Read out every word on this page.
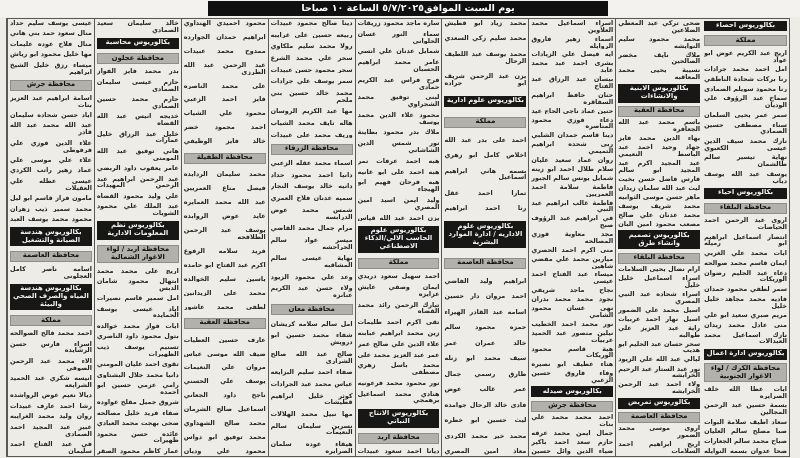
يوم السبت الموافق٥/٧/٢٠٢٥ الساعة ١٠ صباحا
بكالوريوس احصاء
مملكة
اريج عبد الكريم عوض ابو عواد
امل احمد محمد جرادات
رنا بركات شحادة الناطقي
رنا محمود سويلم الصمادي
سماح عبد الرؤوف علي الوديان
سمر عمر يحيى السلمان
سناء مصطفى حسين الصمادي
نازك محمد سيف الدين عيسى الكعبوي
نهاية تيسير سالم طالشمان
يوسف عبد الله يوسف دياب
بكالوريوس احياء
محافظة البلقاء
اروى عبد الرحمن احمد الحياصات
انتصار اسماعيل ابراهيم ابو رميله
ايات محمد علي الغربي
ايمان قاسم محمد صوالحه
دعاء عبد الحليم رضوان الوريكات
سمر لطفي محمود حمدان
فاديه محمد مجاهد خليل خليل
مريم صبري سعيد ابو علي
منى عادل محمد زيدان
نازك اسماعيل محمد العبدالات
بكالوريوس ادارة اعمال
محافظة الكرك / لواء الاغوار الجنوبية
ايات عطا الله خلف الصرايره
بسمة حسين عبد الرحمن المجالين
سعاد اطيف سلامة البوات
صبا مصلح سالم العليان
صباح محمد سالم الجعارات
ضحا عدوان بسمه النوايله
ضحى تركي عبد المعطي الضلاعين
محمد محمود سليم النوايشه
ملاك نايف مخضر الصالحين
نسيبة يحيى محمد المعاقبه
بكالوريوس الابنية والانشاءات
محافظة العقبة
باسم محمد عبد الله الجعافره
بهاء الدين محمد فايز
جهاد وحيد احمد عبد الباسط النعيمي
عبد المجيد اكرم عبد المجيد ابو سالم
فارس فاضل حسن بخيت
ليث عبد الله سلمان زيدان
ماهر حسن موسى الثوابيه
محمد شريف يوسف
محمد عدنان علي صالح
مصعب محمود امين البان
بكالوريوس تصميم وانشاء طرق
محافظة البلقاء
ارام نضال يحيى السلامات
اسراء اسماعيل خليل خليل
اسراء شحاده عبد النبي المصري
اسيل محمد علي الضمور
اسيل نهار احمد عربيات
راية عبد العزيز علي طوالبه
سحر حسان عبد الحليم ابو هديب
ليالي عبد الله علي الزيود
نور عبد الستار عبد الرحيم الخرابشه
ولاء احمد عبد الرحمن الخرابشه
بكالوريوس تمريض
محافظة العاصمة
اروى موسى محمد الضمور
اريج ابراهيم احمد السلامات
اسراء اسماعيل محمد العلاوين
اسماء زهير فاروق الروايله
ايه فيصل علي الزيادات
بشرى احمد عبد محمد عابد
بيسان عبد الرزاق عبد الفتاح
حنان حافظ ابراهيم السفاقره
حنين عماد ناجي الحاج عيد
دعاء فوزي محمود المناصره
دينا قاسم حمدان الشلبي
ربى شحده ابراهيم التميمي
روان عماد سعيد عليان
سلام طلال احمد ابو زينه
شمايل يونس سالم الجبور
فاطمة سلامة احمد العمريين
فاطمة غالب ابراهيم عبد النبي
في ابراهيم عبد الرؤوف صبح
مجد معاوية فوزي المصالحه
منى اكرم احمد الحصري
ميارين محمد علي مفضي شاهين
ميساء عبد الفتاح احمد عيسى
نجاح ماجد شريفي
نجود محمد محمد بدران
نهى غسان محمود الشامي
نور محمد احمد الخطيب
نيلين منصور عبد الحميد عربيات
هبة قاسم محمود الوريكات
هناء عطيف ابو نصيره
وفاء فاروق حسين الزعبي
بكالوريوس صيدله
محافظة جرش
احمد محمد محمد علي بنات
جمال ايمن محمد عرفه
حازم سعد احمد باكير
ضياء الدين وائل حسين
محمد زياد ابو قطيش
محمد سليم زكي السعدي
محمد يوسف عبد اللطيف الرحال
يزن عبد الرحمن شريف ابو جراده
بكالوريوس علوم ادارية
مملكة
احمد علي بدر عبد الله
اخلاص كامل ابو زهري
بسمه هاني ابراهيم اسماعيل
تمارا احمد عقل
رنا احمد ابراهيم
بكالوريوس علوم الاداريه / ادارة الموارد البشرية
محافظة العاصمة
ابراهيم وليد الفاضي
احمد مروان دار حسين
اسامه عبد القادر الهيراء
حمزه محمود سالم
خالد عمران عمر
سيف محمد ابو زنله
طارق رسمي جمال
عمر غالب عوض
فادي خالد الرحال جوامده
ليث حسين ابو خطره
محمد خير محمد الكردي
معاذ امين المصري
ساره ماجد محمود زريقات
سماء النور غسان الحلواني
شمايل عدنان علي انسي
عامر محمد ابراهيم الحسبان
فرح فراس عبد الكريم حمادي
لبنى توفيق محمد الشجراوي
محمود علاء الدين محمد يوسف
ملاك بدر محمود بطاينة
نور شمس الدين الشاشاني
هبه احمد عرفات نمر
هبه احمد علي ابو غانيه
هبه فرحان فهيم ابو الهيجاء
وليد ايمن اسيد امين المصري
يزن احمد عبد الله قياس
بكالوريوس علوم الحاسب الالي/الذكاء الاصطناعي
مملكة
احمد سهيل سعود دريدي
ايمان وصفي عايش عزايزه
تبارك الرحمن رائد محمد القضاه
تقى اكرم احمد طليمات
زين محمد ابراهيم عبابنه
علاء الدين علي صالح عمر
عمر عبد العزيز محمد علي
محمد باسل زهري مصطفى
نور محمود محمد فرعونيه
هنادي محمد اسماعيل برهمجي
بكالوريوس الانتاج النباتي
محافظة اربد
ديانا احمد سعود عبيدات
دينا صالح محمود عبيدات
ربيعه حسين علي غرايبه
رولا محمد سليم ملكاوي
سحر علي محمد الشرع
سحر محمود حسن عبيدات
سمر يوسف علي جرادات
محمد خالد حسين بني ملحم
مها عبد الكريم الروسان
هاله نايف محمد الشياب
وريف محمد علي عبيدات
محافظة الزرقاء
اسماء محمد عقله الزعبي
دانيا احمد محمود حداد
دانيه خالد يوسف النجار
سميه عدنان فلاح العمري
شمس محمد عوض الدرابسه
مرام جمال محمد القاضي
ميسر عواد سالم الحراحشه
نهاية عيسى سالم المشاقبه
وعد علي محمود الزيود
ولاء حسن عبد الكريم عنانزه
محافظة معان
امل سالم سلامه كريشان
شفاء محمد حسين ابو درويش
صالح عبد الله صالح الشراري
صفاء احمد سليم البزايعه
عباس محمد عبد الجرادات
كوثر خليل ابراهيم قطيشات
مها نبيل محمد الهلالات
نسرين سليمان سالم النعيمات
هيفاء عوده سلمان الصرايره
محمود احميدي الهنداوي
ابراهيم حمدان الجوارده
ممدوح محمد عبيدات
عبد الرحمن عبد الله الطرزي
علي محمد الناصره
فايز احمد الزعبي
محمود علي الشياب
احمد محمود خضر
خالد فايز الوظيفي
محافظة الطفيلة
محمد سليمان الردايده
فيصل مناع العمريين
عبد الله محمد العمايره
عايد عوض الروابده
يوسف عبد الرحمن الطلافحه
فريد سلامه الرفوع
اكرم عبد الفتاح ابو حامده
ياسين سليم الخوالده
محمد علي الزيدانين
لطفي محمد عاشور
محافظة العقبة
عارف حسين العطيات
ضيف الله موسى عباس
مروان علي النعيمات
يوسف علي الحسني
ناجح داود الجعاني
اسماعيل صالح الشرمان
محمد صالح الشهداوي
محمد توفيق ابو دواس
محمود علي وديان
خالد سليمان سعيد الصمادي
بكالوريوس محاسبة
محافظة عجلون
بدر محمد فايز الفواز
حازم عيسى سليمان الصمادي
حازم محمد حسين الصمادي
خديجه انيس عبد الله القضاه
خليل عبد الرزاق خليل عمارات
هاني توفيق عبد الله المومني
عامر يعقوب داود الربضي
عبد الرحمن ابراهيم عبد الرحمن المهيدات
علي وليد محمود القضاه
عبد الملك علي محمود الشويات
بكالوريوس نظم المعلومات الادارية
محافظة اربد / لواء الاغوار الشمالية
اريج علي محمد محمد
ابتهال محمود شامان الدبس
امل سمير قاسم نصيرات
اياد عيسى يوسف الحمايده
ايات فواز محمد خوالده
بتول محمود داود الناصري
تسنيم يوسف ذيب الظهيرات
تقوى احمد عليان المومني
دانيا محمد جلال البشتاوي
رامي عزمي حسين ابو احمده
شروق جميل مفلح عواوده
صفاء فريد خليل مصالحه
ضحى بهجت محمد العبادي
عائده حسن محمود ظهيرات
عمار كاظم محمود الصقر
عيسى يوسف سليم حداد
منال سعود حمد بني هاني
منال فلاح عوده عليمات
مها خليل محمود ابو رياش
ميساء رزق خليل الشيخ ابراهيم
محافظة جرش
اسامة ابراهيم عبد العزيز بنات
اياد حسن شحاده سليمان
عبد الله محمد عبد الله قادر
علاء الدين فوزي علي فرفوطي
علاء علي موسى علي
عماد زهير راتب الكردي
عيسى عطله علي العقيلات
مأمون فراز قاسم ابو ليل
محمد سمير ذيب زهران
محمود محمد يوسف العبد
بكالوريوس هندسة الصيانة والتشغيل
محافظة العاصمة
اسامه ناصر كامل العجلوني
بكالوريوس هندسة المياه والصرف الصحي والبيئة
مملكة
احمد محمد فالح الصوالحه
اسراء فارس حسن الرشايده
الاء محمد عبد الرحمن الصوفي
انيسه شكري عبد الحميد الشرايعه
ديالا نعيم عوض الرواشده
رشا احمد عارف عبيدات
روان وليد محمد الغرايبه
عبير عبد المجيد احمد الصمادي
في عبد الفتاح احمد سليمان
